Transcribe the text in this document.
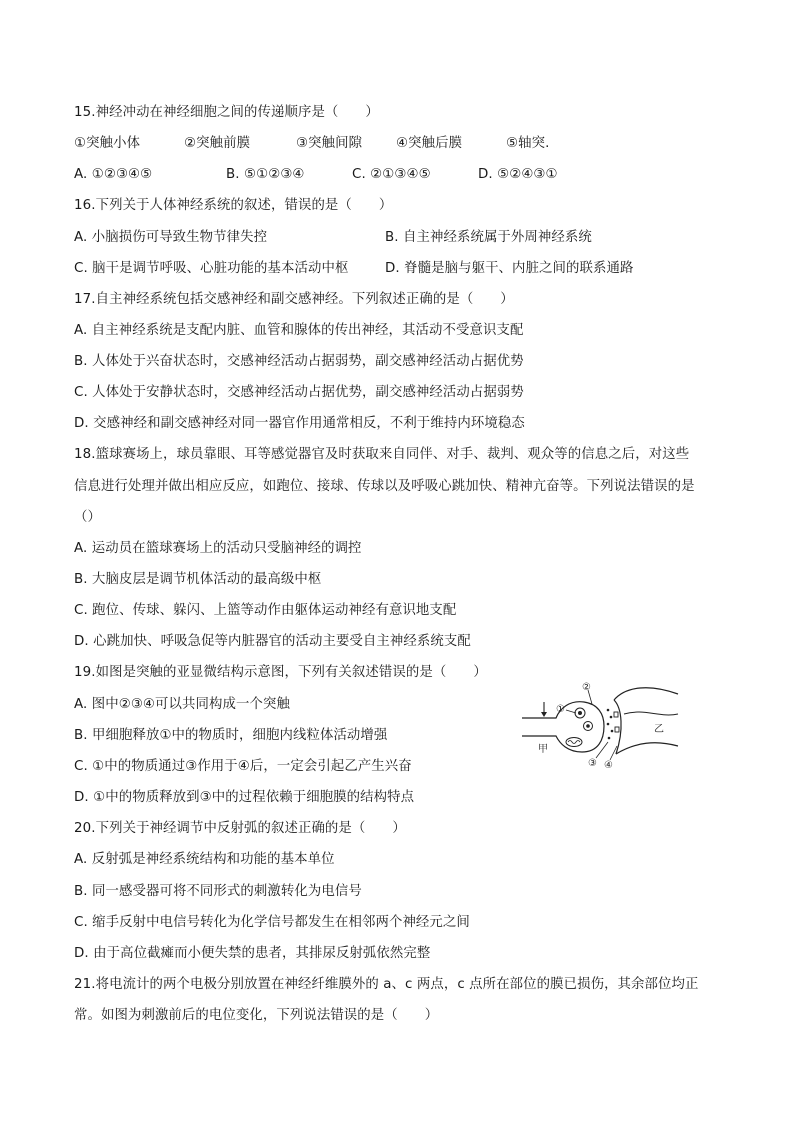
15.神经冲动在神经细胞之间的传递顺序是（　　）
①突触小体	②突触前膜	③突触间隙	④突触后膜	⑤轴突.
A. ①②③④⑤	B. ⑤①②③④	C. ②①③④⑤	D. ⑤②④③①
16.下列关于人体神经系统的叙述，错误的是（　　）
A. 小脑损伤可导致生物节律失控	B. 自主神经系统属于外周神经系统
C. 脑干是调节呼吸、心脏功能的基本活动中枢	D. 脊髓是脑与躯干、内脏之间的联系通路
17.自主神经系统包括交感神经和副交感神经。下列叙述正确的是（　　）
A. 自主神经系统是支配内脏、血管和腺体的传出神经，其活动不受意识支配
B. 人体处于兴奋状态时，交感神经活动占据弱势，副交感神经活动占据优势
C. 人体处于安静状态时，交感神经活动占据优势，副交感神经活动占据弱势
D. 交感神经和副交感神经对同一器官作用通常相反，不利于维持内环境稳态
18.篮球赛场上，球员靠眼、耳等感觉器官及时获取来自同伴、对手、裁判、观众等的信息之后，对这些
信息进行处理并做出相应反应，如跑位、接球、传球以及呼吸心跳加快、精神亢奋等。下列说法错误的是
（）
A. 运动员在篮球赛场上的活动只受脑神经的调控
B. 大脑皮层是调节机体活动的最高级中枢
C. 跑位、传球、躲闪、上篮等动作由躯体运动神经有意识地支配
D. 心跳加快、呼吸急促等内脏器官的活动主要受自主神经系统支配
19.如图是突触的亚显微结构示意图，下列有关叙述错误的是（　　）
A. 图中②③④可以共同构成一个突触
B. 甲细胞释放①中的物质时，细胞内线粒体活动增强
C. ①中的物质通过③作用于④后，一定会引起乙产生兴奋
D. ①中的物质释放到③中的过程依赖于细胞膜的结构特点
②
①
③ ④
甲
乙
20.下列关于神经调节中反射弧的叙述正确的是（　　）
A. 反射弧是神经系统结构和功能的基本单位
B. 同一感受器可将不同形式的刺激转化为电信号
C. 缩手反射中电信号转化为化学信号都发生在相邻两个神经元之间
D. 由于高位截瘫而小便失禁的患者，其排尿反射弧依然完整
21.将电流计的两个电极分别放置在神经纤维膜外的 a、c 两点，c 点所在部位的膜已损伤，其余部位均正
常。如图为刺激前后的电位变化，下列说法错误的是（　　）
